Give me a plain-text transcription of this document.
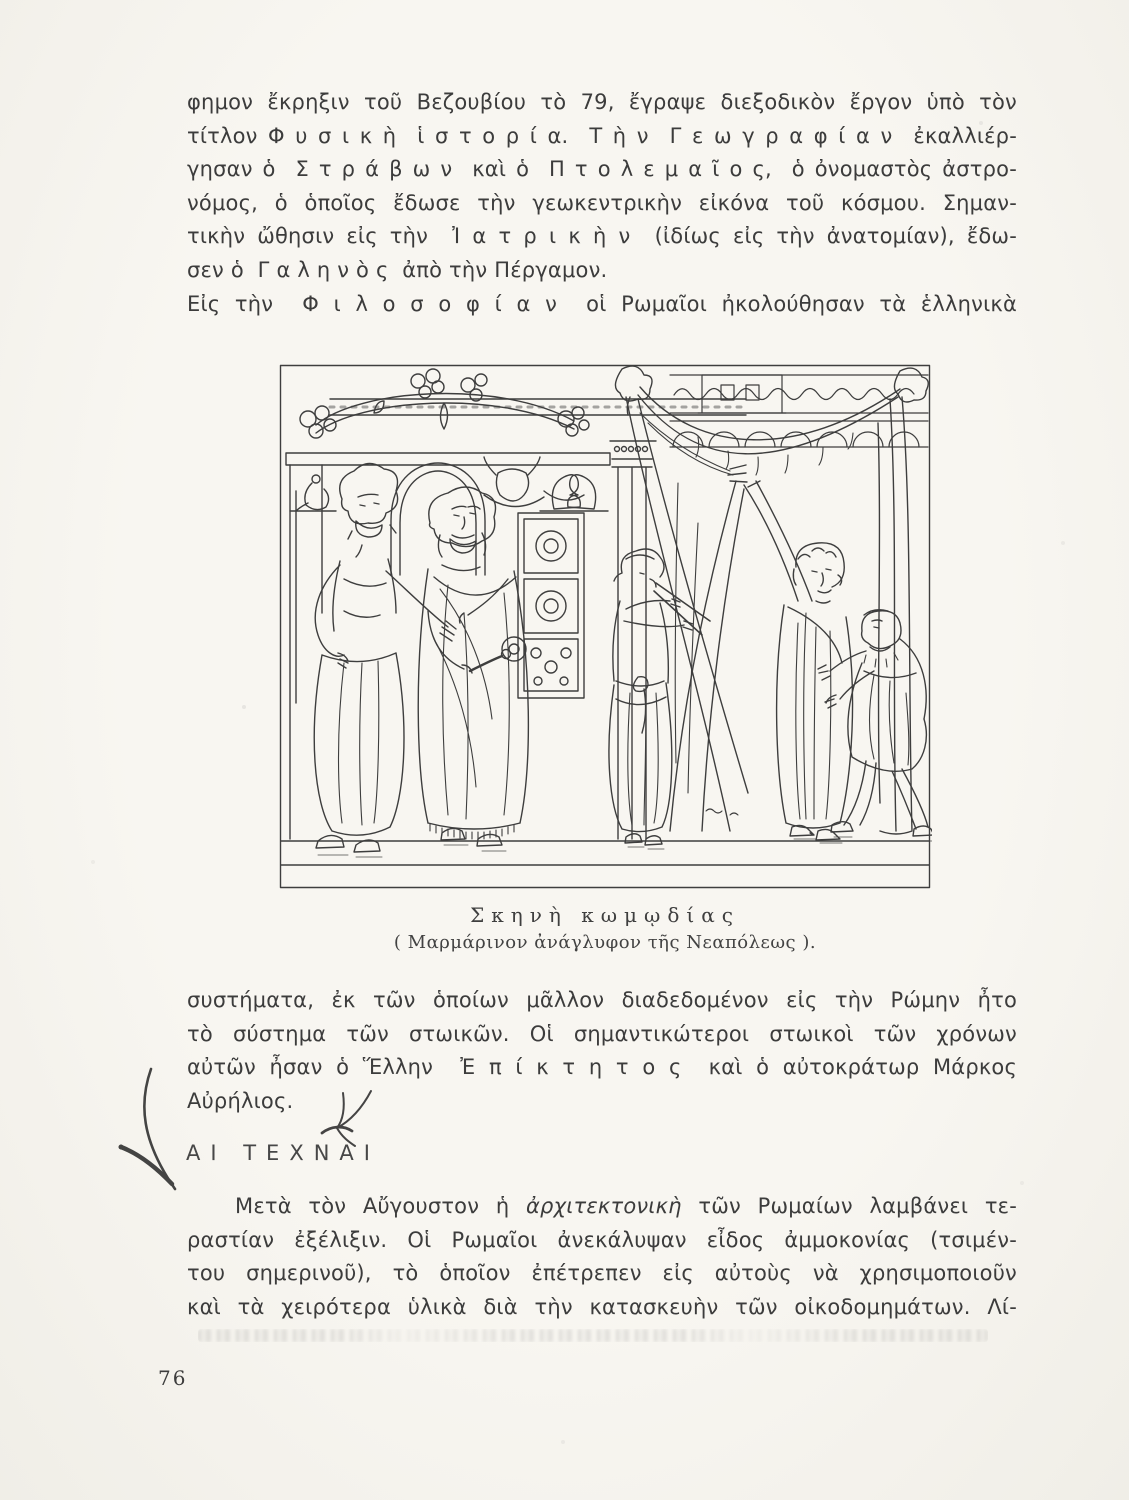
φημον ἔκρηξιν τοῦ Βεζουβίου τὸ 79, ἔγραψε διεξοδικὸν ἔργον ὑπὸ τὸν
τίτλον Φ υ σ ι κ ὴ  ἱ σ τ ο ρ ί α.  Τ ὴ ν  Γ ε ω γ ρ α φ ί α ν  ἐκαλλιέρ-
γησαν ὁ  Σ τ ρ ά β ω ν  καὶ ὁ  Π τ ο λ ε μ α ῖ ο ς,  ὁ ὀνομαστὸς ἀστρο-
νόμος, ὁ ὁποῖος ἔδωσε τὴν γεωκεντρικὴν εἰκόνα τοῦ κόσμου. Σημαν-
τικὴν ὤθησιν εἰς τὴν  Ἰ α τ ρ ι κ ὴ ν  (ἰδίως εἰς τὴν ἀνατομίαν), ἔδω-
σεν ὁ  Γ α λ η ν ὸ ς  ἀπὸ τὴν Πέργαμον.
Εἰς τὴν  Φ ι λ ο σ ο φ ί α ν  οἱ Ρωμαῖοι ἠκολούθησαν τὰ ἑλληνικὰ
Σκηνὴ κωμῳδίας
( Μαρμάρινον ἀνάγλυφον τῆς Νεαπόλεως ).
συστήματα, ἐκ τῶν ὁποίων μᾶλλον διαδεδομένον εἰς τὴν Ρώμην ἦτο
τὸ σύστημα τῶν στωικῶν. Οἱ σημαντικώτεροι στωικοὶ τῶν χρόνων
αὐτῶν ἦσαν ὁ Ἕλλην  Ἐ π ί κ τ η τ ο ς  καὶ ὁ αὐτοκράτωρ Μάρκος
Αὐρήλιος.
ΑΙ ΤΕΧΝΑΙ
Μετὰ τὸν Αὔγουστον ἡ ἀρχιτεκτονικὴ τῶν Ρωμαίων λαμβάνει τε-
ραστίαν ἐξέλιξιν. Οἱ Ρωμαῖοι ἀνεκάλυψαν εἶδος ἀμμοκονίας (τσιμέν-
του σημερινοῦ), τὸ ὁποῖον ἐπέτρεπεν εἰς αὐτοὺς νὰ χρησιμοποιοῦν
καὶ τὰ χειρότερα ὑλικὰ διὰ τὴν κατασκευὴν τῶν οἰκοδομημάτων. Λί-
76
